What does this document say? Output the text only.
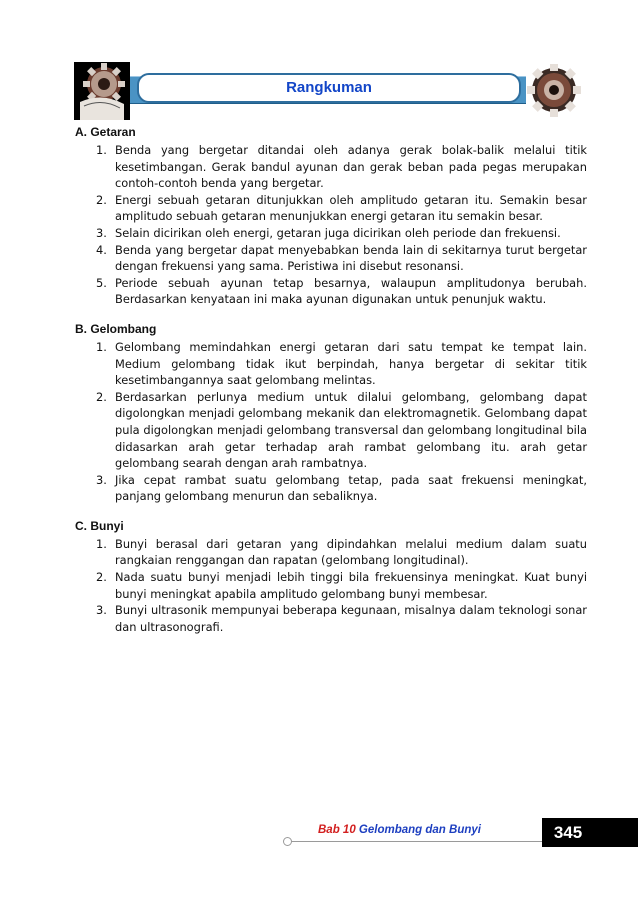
Rangkuman
A. Getaran
1. Benda yang bergetar ditandai oleh adanya gerak bolak-balik melalui titik kesetimbangan. Gerak bandul ayunan dan gerak beban pada pegas merupakan contoh-contoh benda yang bergetar.
2. Energi sebuah getaran ditunjukkan oleh amplitudo getaran itu. Semakin besar amplitudo sebuah getaran menunjukkan energi getaran itu semakin besar.
3. Selain dicirikan oleh energi, getaran juga dicirikan oleh periode dan frekuensi.
4. Benda yang bergetar dapat menyebabkan benda lain di sekitarnya turut bergetar dengan frekuensi yang sama. Peristiwa ini disebut resonansi.
5. Periode sebuah ayunan tetap besarnya, walaupun amplitudonya berubah. Berdasarkan kenyataan ini maka ayunan digunakan untuk penunjuk waktu.
B. Gelombang
1. Gelombang memindahkan energi getaran dari satu tempat ke tempat lain. Medium gelombang tidak ikut berpindah, hanya bergetar di sekitar titik kesetimbangannya saat gelombang melintas.
2. Berdasarkan perlunya medium untuk dilalui gelombang, gelombang dapat digolongkan menjadi gelombang mekanik dan elektromagnetik. Gelombang dapat pula digolongkan menjadi gelombang transversal dan gelombang longitudinal bila didasarkan arah getar terhadap arah rambat gelombang itu. arah getar gelombang searah dengan arah rambatnya.
3. Jika cepat rambat suatu gelombang tetap, pada saat frekuensi meningkat, panjang gelombang menurun dan sebaliknya.
C. Bunyi
1. Bunyi berasal dari getaran yang dipindahkan melalui medium dalam suatu rangkaian renggangan dan rapatan (gelombang longitudinal).
2. Nada suatu bunyi menjadi lebih tinggi bila frekuensinya meningkat. Kuat bunyi bunyi meningkat apabila amplitudo gelombang bunyi membesar.
3. Bunyi ultrasonik mempunyai beberapa kegunaan, misalnya dalam teknologi sonar dan ultrasonografi.
Bab 10 Gelombang dan Bunyi	345
